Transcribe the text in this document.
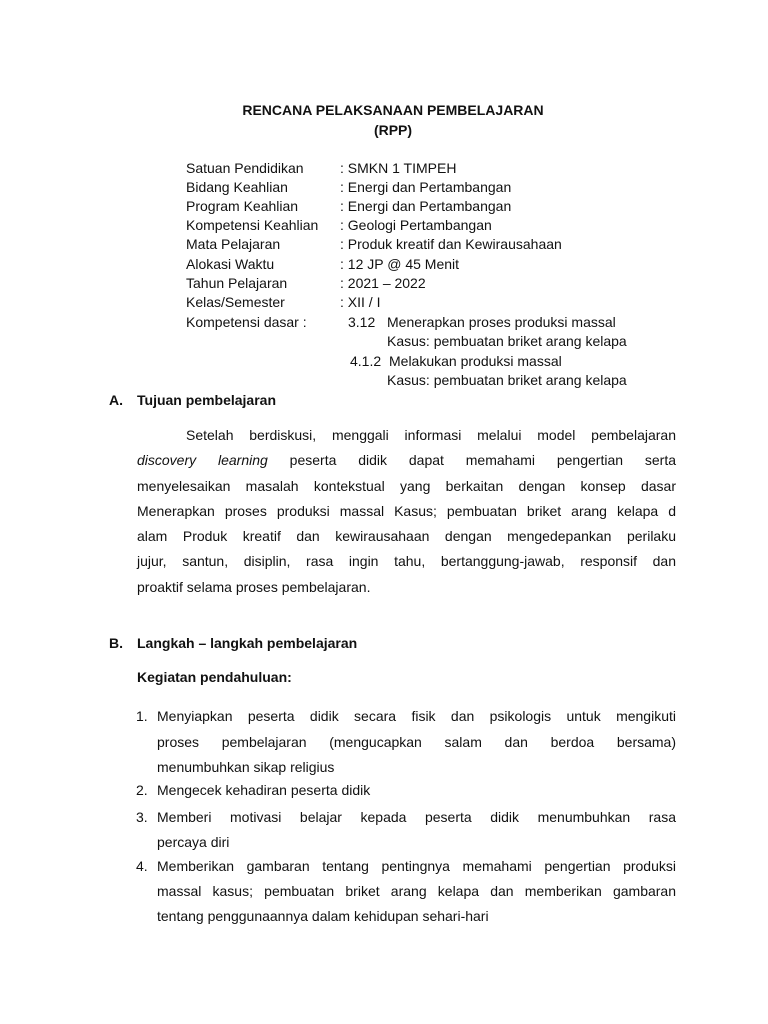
RENCANA PELAKSANAAN PEMBELAJARAN
(RPP)
Satuan Pendidikan	: SMKN 1 TIMPEH
Bidang Keahlian	: Energi dan Pertambangan
Program Keahlian	: Energi dan Pertambangan
Kompetensi Keahlian : Geologi Pertambangan
Mata Pelajaran	: Produk kreatif dan Kewirausahaan
Alokasi Waktu	: 12 JP @ 45 Menit
Tahun Pelajaran	: 2021 – 2022
Kelas/Semester	: XII / I
Kompetensi dasar :	3.12 Menerapkan proses produksi massal
Kasus: pembuatan briket arang kelapa
4.1.2 Melakukan produksi massal
Kasus: pembuatan briket arang kelapa
A. Tujuan pembelajaran
Setelah berdiskusi, menggali informasi melalui model pembelajaran
discovery learning peserta didik dapat memahami pengertian serta
menyelesaikan masalah kontekstual yang berkaitan dengan konsep dasar
Menerapkan proses produksi massal Kasus; pembuatan briket arang kelapa d
alam Produk kreatif dan kewirausahaan dengan mengedepankan perilaku
jujur, santun, disiplin, rasa ingin tahu, bertanggung-jawab, responsif dan
proaktif selama proses pembelajaran.
B. Langkah – langkah pembelajaran
Kegiatan pendahuluan:
1. Menyiapkan peserta didik secara fisik dan psikologis untuk mengikuti
proses pembelajaran (mengucapkan salam dan berdoa bersama)
menumbuhkan sikap religius
2. Mengecek kehadiran peserta didik
3. Memberi motivasi belajar kepada peserta didik menumbuhkan rasa
percaya diri
4. Memberikan gambaran tentang pentingnya memahami pengertian produksi
massal kasus; pembuatan briket arang kelapa dan memberikan gambaran
tentang penggunaannya dalam kehidupan sehari-hari
